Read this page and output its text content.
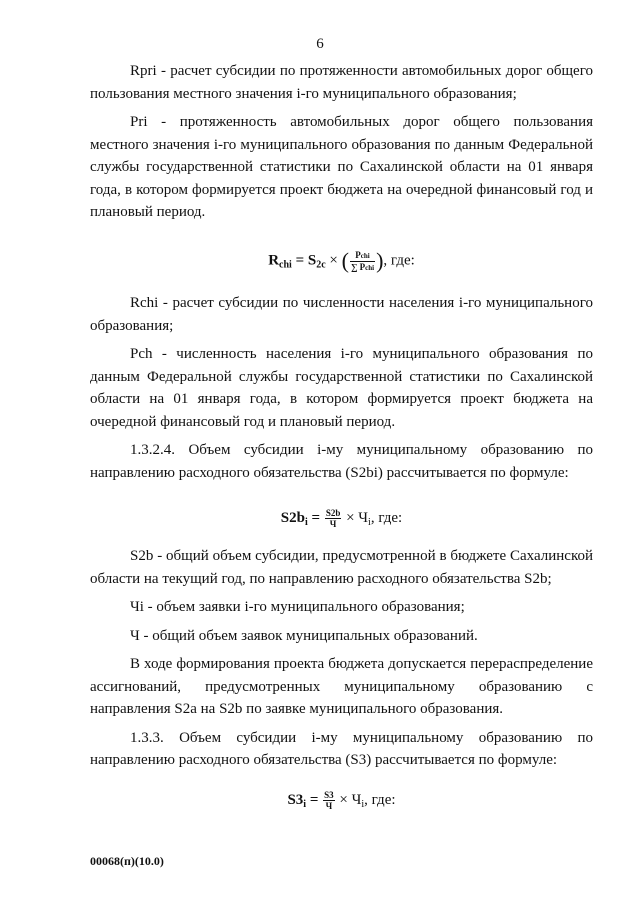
6

Rpri - расчет субсидии по протяженности автомобильных дорог общего пользования местного значения i-го муниципального образования;

Pri - протяженность автомобильных дорог общего пользования местного значения i-го муниципального образования по данным Федеральной службы государственной статистики по Сахалинской области на 01 января года, в котором формируется проект бюджета на очередной финансовый год и плановый период.

$R_{chi} = S_{2c}$ × ( $\frac{\text{Pchi}}{\text{∑ Pchi}}$ ), где:

Rchi - расчет субсидии по численности населения i-го муниципального образования;

Pch - численность населения i-го муниципального образования по данным Федеральной службы государственной статистики по Сахалинской области на 01 января года, в котором формируется проект бюджета на очередной финансовый год и плановый период.

1.3.2.4. Объем субсидии i-му муниципальному образованию по направлению расходного обязательства (S2bi) рассчитывается по формуле:

$S2b_i = \frac{S2b}{Ч} \times Ч_i$, где:

S2b - общий объем субсидии, предусмотренной в бюджете Сахалинской области на текущий год, по направлению расходного обязательства S2b;

Чi - объем заявки i-го муниципального образования;

Ч - общий объем заявок муниципальных образований.

В ходе формирования проекта бюджета допускается перераспределение ассигнований, предусмотренных муниципальному образованию с направления S2a на S2b по заявке муниципального образования.

1.3.3. Объем субсидии i-му муниципальному образованию по направлению расходного обязательства (S3) рассчитывается по формуле:

$S3_i = \frac{S3}{Ч} \times Ч_i$, где:
00068(п)(10.0)
